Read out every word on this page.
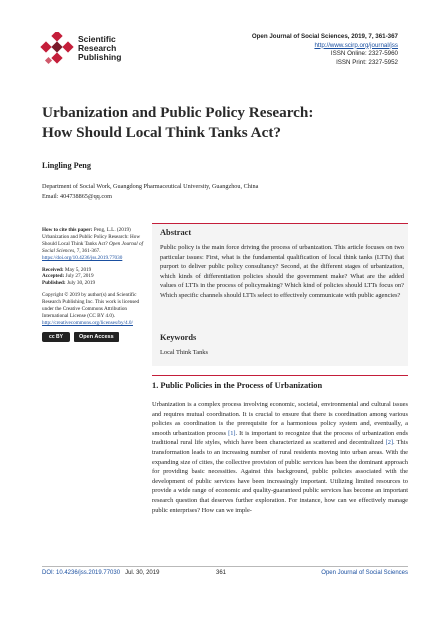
Scientific
Research
Publishing
Open Journal of Social Sciences, 2019, 7, 361-367
http://www.scirp.org/journal/jss
ISSN Online: 2327-5960
ISSN Print: 2327-5952
Urbanization and Public Policy Research:
How Should Local Think Tanks Act?
Lingling Peng
Department of Social Work, Guangdong Pharmaceutical University, Guangzhou, China
Email: 404738865@qq.com

How to cite this paper: Peng, L.L. (2019) Urbanization and Public Policy Research: How Should Local Think Tanks Act? Open Journal of Social Sciences, 7, 361-367.
https://doi.org/10.4236/jss.2019.77030

Received: May 5, 2019
Accepted: July 27, 2019
Published: July 30, 2019

Copyright © 2019 by author(s) and Scientific Research Publishing Inc. This work is licensed under the Creative Commons Attribution International License (CC BY 4.0).
http://creativecommons.org/licenses/by/4.0/

cc BY	Open Access
Abstract
Public policy is the main force driving the process of urbanization. This article focuses on two particular issues: First, what is the fundamental qualification of local think tanks (LTTs) that purport to deliver public policy consultancy? Second, at the different stages of urbanization, which kinds of differentiation policies should the government make? What are the added values of LTTs in the process of policymaking? Which kind of policies should LTTs focus on? Which specific channels should LTTs select to effectively communicate with public agencies?
Keywords
Local Think Tanks
1. Public Policies in the Process of Urbanization
Urbanization is a complex process involving economic, societal, environmental and cultural issues and requires mutual coordination. It is crucial to ensure that there is coordination among various policies as coordination is the prerequisite for a harmonious policy system and, eventually, a smooth urbanization process [1]. It is important to recognize that the process of urbanization ends traditional rural life styles, which have been characterized as scattered and decentralized [2]. This transformation leads to an increasing number of rural residents moving into urban areas. With the expanding size of cities, the collective provision of public services has been the dominant approach for providing basic necessities. Against this background, public policies associated with the development of public services have been increasingly important. Utilizing limited resources to provide a wide range of economic and quality-guaranteed public services has become an important research question that deserves further exploration. For instance, how can we effectively manage public enterprises? How can we imple-
DOI: 10.4236/jss.2019.77030 Jul. 30, 2019	361	Open Journal of Social Sciences
